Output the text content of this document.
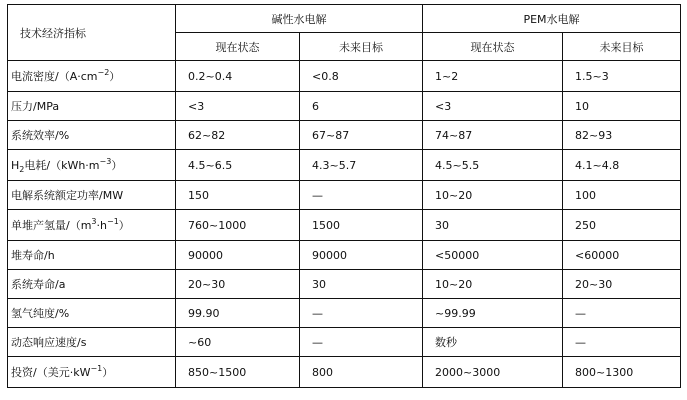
技术经济指标	碱性水电解		PEM水电解	
	现在状态	未来目标	现在状态	未来目标
电流密度$/(A\cdot cm^{-2})$	0.2~0.4	<0.8	1~2	1.5~3
压力/MPa	<3	6	<3	10
系统效率/%	62~82	67~87	74~87	82~93
$H_2$电耗$/(kWh\cdot m^{-3})$	4.5~6.5	4.3~5.7	4.5~5.5	4.1~4.8
电解系统额定功率/MW	150	—	10~20	100
单堆产氢量$/(m^3\cdot h^{-1})$	760~1000	1500	30	250
堆寿命/h	90000	90000	<50000	<60000
系统寿命/a	20~30	30	10~20	20~30
氢气纯度/%	99.90	—	~99.99	—
动态响应速度/s	~60	—	数秒	—
投资/（美元$\cdot kW^{-1}$）	850~1500	800	2000~3000	800~1300
